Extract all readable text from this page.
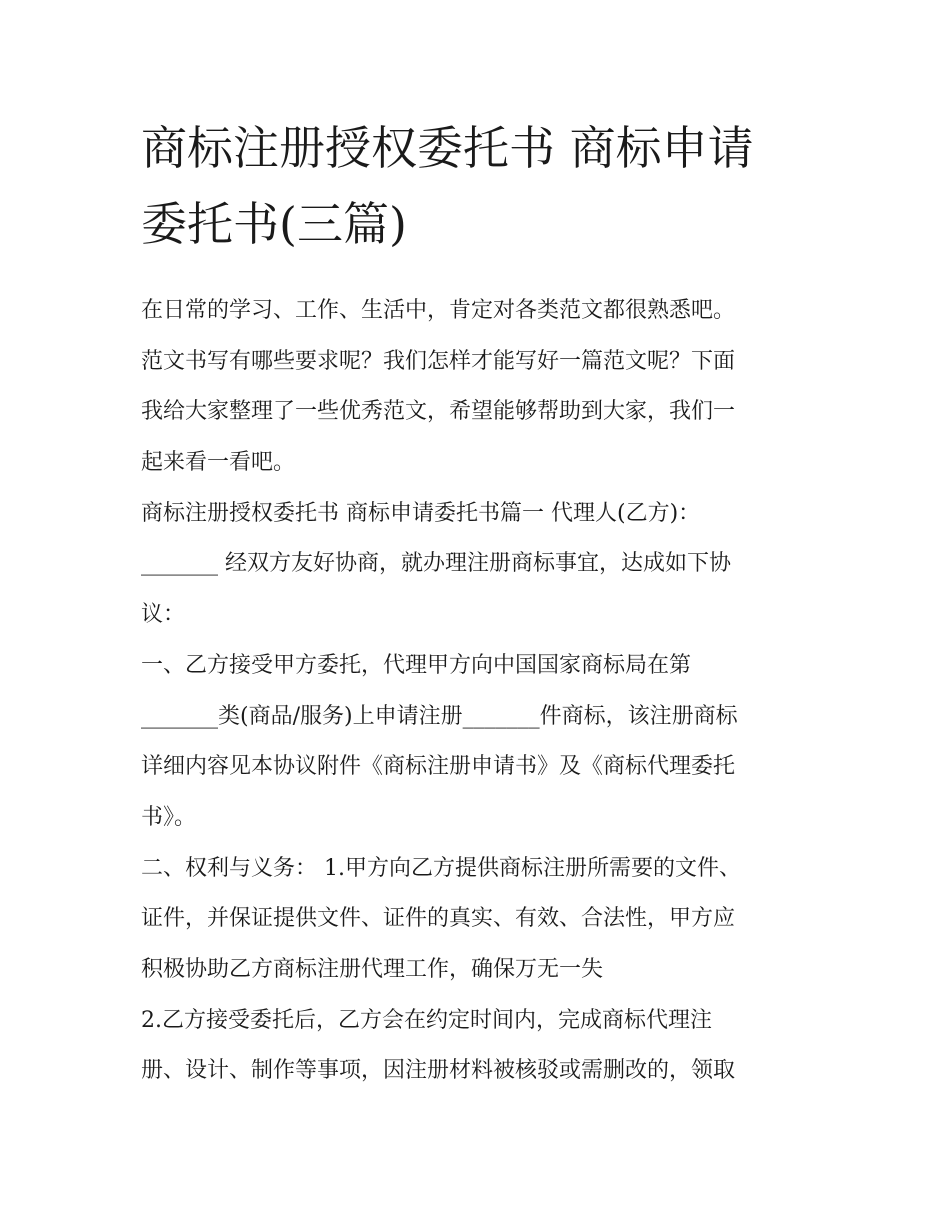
商标注册授权委托书 商标申请
委托书(三篇)
在日常的学习、工作、生活中，肯定对各类范文都很熟悉吧。
范文书写有哪些要求呢？我们怎样才能写好一篇范文呢？下面
我给大家整理了一些优秀范文，希望能够帮助到大家，我们一
起来看一看吧。
商标注册授权委托书 商标申请委托书篇一 代理人(乙方)：
_______ 经双方友好协商，就办理注册商标事宜，达成如下协
议：
一、乙方接受甲方委托，代理甲方向中国国家商标局在第
_______类(商品/服务)上申请注册_______件商标，该注册商标
详细内容见本协议附件《商标注册申请书》及《商标代理委托
书》。
二、权利与义务： 1.甲方向乙方提供商标注册所需要的文件、
证件，并保证提供文件、证件的真实、有效、合法性，甲方应
积极协助乙方商标注册代理工作，确保万无一失
2.乙方接受委托后，乙方会在约定时间内，完成商标代理注
册、设计、制作等事项，因注册材料被核驳或需删改的，领取
